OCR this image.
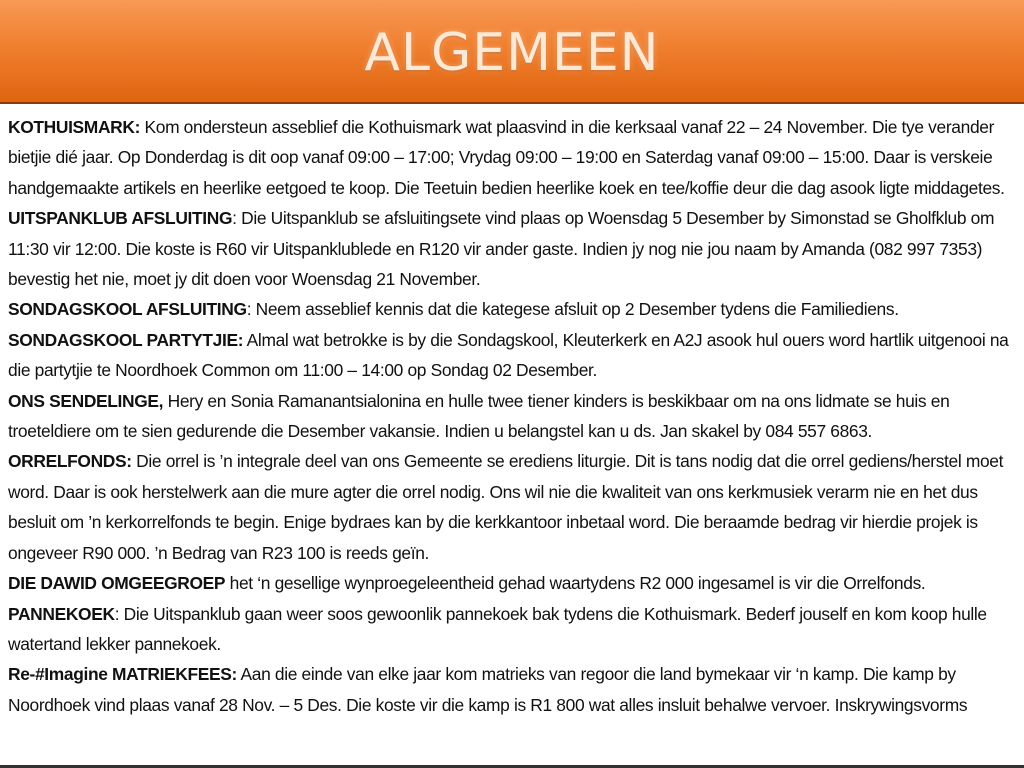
ALGEMEEN

KOTHUISMARK: Kom ondersteun asseblief die Kothuismark wat plaasvind in die kerksaal vanaf 22 – 24 November. Die tye verander bietjie dié jaar. Op Donderdag is dit oop vanaf 09:00 – 17:00; Vrydag 09:00 – 19:00 en Saterdag vanaf 09:00 – 15:00. Daar is verskeie handgemaakte artikels en heerlike eetgoed te koop. Die Teetuin bedien heerlike koek en tee/koffie deur die dag asook ligte middagetes.

UITSPANKLUB AFSLUITING: Die Uitspanklub se afsluitingsete vind plaas op Woensdag 5 Desember by Simonstad se Gholfklub om 11:30 vir 12:00. Die koste is R60 vir Uitspanklublede en R120 vir ander gaste. Indien jy nog nie jou naam by Amanda (082 997 7353) bevestig het nie, moet jy dit doen voor Woensdag 21 November.

SONDAGSKOOL AFSLUITING: Neem asseblief kennis dat die kategese afsluit op 2 Desember tydens die Familiediens.

SONDAGSKOOL PARTYTJIE: Almal wat betrokke is by die Sondagskool, Kleuterkerk en A2J asook hul ouers word hartlik uitgenooi na die partytjie te Noordhoek Common om 11:00 – 14:00 op Sondag 02 Desember.

ONS SENDELINGE, Hery en Sonia Ramanantsialonina en hulle twee tiener kinders is beskikbaar om na ons lidmate se huis en troeteldiere om te sien gedurende die Desember vakansie. Indien u belangstel kan u ds. Jan skakel by 084 557 6863.

ORRELFONDS: Die orrel is ’n integrale deel van ons Gemeente se erediens liturgie. Dit is tans nodig dat die orrel gediens/herstel moet word. Daar is ook herstelwerk aan die mure agter die orrel nodig. Ons wil nie die kwaliteit van ons kerkmusiek verarm nie en het dus besluit om ’n kerkorrelfonds te begin. Enige bydraes kan by die kerkkantoor inbetaal word. Die beraamde bedrag vir hierdie projek is ongeveer R90 000. ’n Bedrag van R23 100 is reeds geïn.

DIE DAWID OMGEEGROEP het ‘n gesellige wynproegeleentheid gehad waartydens R2 000 ingesamel is vir die Orrelfonds.

PANNEKOEK: Die Uitspanklub gaan weer soos gewoonlik pannekoek bak tydens die Kothuismark. Bederf jouself en kom koop hulle watertand lekker pannekoek.

Re-#Imagine MATRIEKFEES: Aan die einde van elke jaar kom matrieks van regoor die land bymekaar vir ‘n kamp. Die kamp by Noordhoek vind plaas vanaf 28 Nov. – 5 Des. Die koste vir die kamp is R1 800 wat alles insluit behalwe vervoer. Inskrywingsvorms
